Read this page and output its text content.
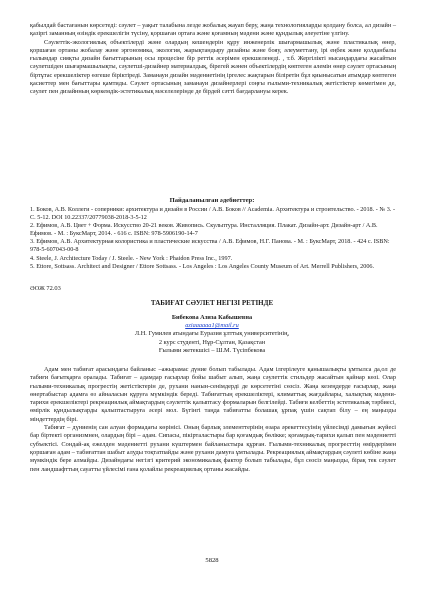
қабылдай бастағанын көрсетеді: сәулет – уақыт талабына лезде жобалық жауап беру, жаңа технологияларды қолдану болса, ал дизайн – қазіргі заманның өзіндік ерекшелігін түсіну, қоршаған ортаға және қоғамның мәдени және құндылық әлеуетіне үлгіну.

Сәулеттік-экологиялық объектілерді және олардың кешендерін құру инженерлік шығармашылық және пластикалық өнер, қоршаған ортаны жобалау және эргономика, экология, жарықтандыру дизайны және бояу, әлеуметтану, ірі еңбек және қолданбалы ғылымдар сияқты дизайн бағыттарының осы процесіне бір реттік әсерімен ерекшеленеді. , т.б. Жергілікті нысандардағы жасайтын сәулетшіден шығармашылықты, сәулетші-дизайнер материалдық, бірегей жәнен объектілердің көптеген алемін өнер сәулет ортасының біртұтас ерекшеліктер өзгеше біріктіреді. Заманауи дизайн мәдениетінің іргелес жақтарын біліретін бұл қиынысатын атымдар көптеген қасиеттер мен бағыттары қамтиды. Сәулет ортасының заманауи дизайнерлері соңғы ғылыми-техникалық жетістіктер көмегімен де, сәулет пен дизайнның көркемдік-эстетикалық мәселелерінде де бірдей сәтті бағдарлануы керек.

Пайдаланылған әдебиеттер:
1. Боков, А.В. Коллеги - соперники: архитектура и дизайн в России / А.В. Боков // Academia. Архитектура и строительство. - 2018. - № 3. - С. 5-12. DOI 10.22337/20779038-2018-3-5-12
2. Ефимов, А.В. Цвет + Форма. Искусство 20-21 веков. Живопись. Скульптура. Инсталляция. Плакат. Дизайн-арт. Дизайн-арт / А.В. Ефимов. - М. : БуксМарт, 2014. - 616 с. ISBN: 978-5906190-14-7
3. Ефимов, А.В. Архитектурная колористика и пластические искусства / А.В. Ефимов, Н.Г. Панова. - М. : БуксМарт, 2018. - 424 с. ISBN: 978-5-607043-00-8
4. Steele, J. Architecture Today / J. Steele. - New York : Phaidon Press Inc., 1997.
5. Ettore, Sottsass. Architect and Designer / Ettore Sottsass. - Los Angeles : Los Angeles County Museum of Art. Merrell Publishers, 2006.
ӘОЖ 72.03
ТАБИҒАТ СӘУЛЕТ НЕГІЗІ РЕТІНДЕ
Бибекова Азиза Кабышевна
aziaaaaaa1@mail.ru
Л.Н. Гумилев атындағы Еуразия ұлттық университетінің,
2 курс студенті, Нұр-Сұлтан, Қазақстан
Ғылыми жетекшісі – Ш.М. Түсіпбекова

Адам мен табиғат арасындағы байланыс –ажырамас дүние болып табылады. Адам ілгерілеуге қанышалықты ұмтылса да,ол де табиғи бағытқарға оралады. Табиғат – адамдар ғасырлар бойы шабыт алып, жаңа сәулеттік стильдер жасайтын қайнар көзі. Олар ғылыми-техникалық прогрестің жетістіктерін де, рухани нанын-сенімдерді де көрсететіні сөзсіз. Жаңа кезеңдерде ғасырлар, жаңа өнертабыстар адамға өз айналасын құруға мүмкіндік береді. Табиғаттың ерекшеліктері, климаттық жағдайлары, халықтық мәдени-тарихи ерекшеліктері рекреациялық аймақтардың сәулеттік қалыптасу формаларын белгілейді. Табиғи келбеттің эстетикалық тәрбиесі, өмірлік құндылықтарды қалыптастыруға әсері мол. Бүгінгі таңда табиғатты болашақ ұрпақ үшін сақтап білу – ең маңызды міндеттердің бірі.

Табиғат – дүниенің сан алуан формадағы көрінісі. Оның барлық элементтерінің өзара әрекеттесуінің үйлесімді дамығын жүйесі бар біртекті организмнен, олардың бірі – адам. Сипасы, пікірталастыры бар қоғамдық бөлікке; қоғамдық-тарихи қалып пен мәдениетті субъектісі. Сондай-ақ ежелден мәдениетті рухани күштермен байланыстыра құрған. Ғылыми-техникалық прогресттің өмірдерімен қоршаған адам – табиғаттан шабыт алуды тоқтатпайды және рухани дамуға ұмтылады. Рекреациялық аймақтардың сәулеті көбіне жаңа мүмкіндік бере алмайды. Дизайндағы негізгі критерий экономикалық фактор болып табылады, бұл сөзсіз маңызды, бірақ тек сәулет пен ландшафттың сауатты үйлесімі ғана қолайлы рекреациялық ортаны жасайды.

5828
